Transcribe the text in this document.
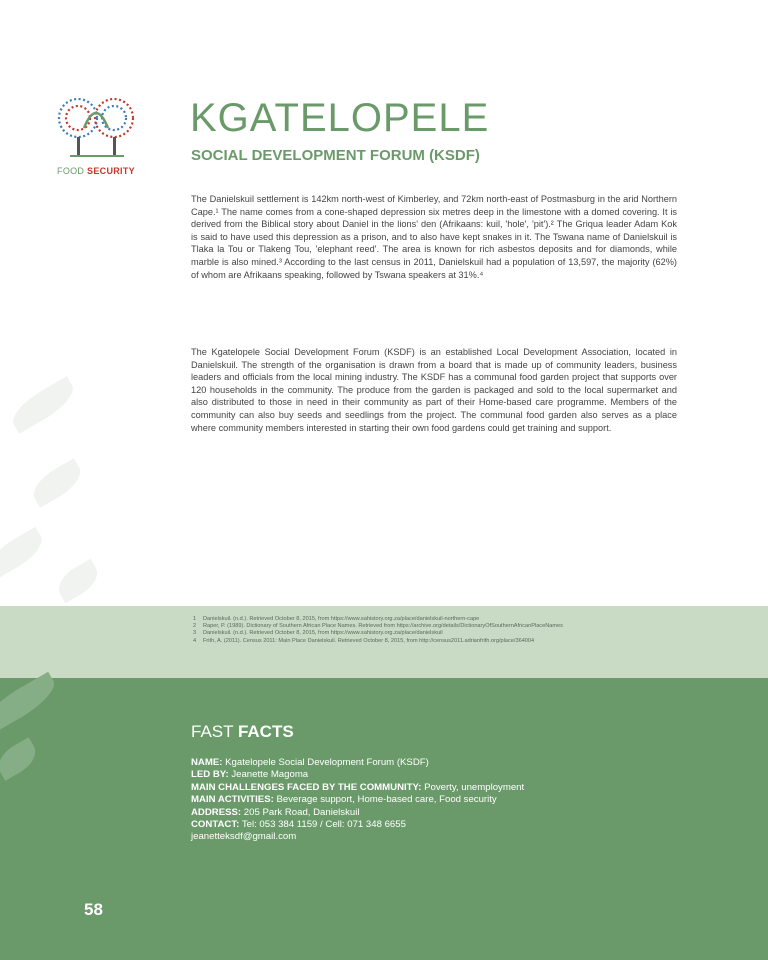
FOOD SECURITY
KGATELOPELE
SOCIAL DEVELOPMENT FORUM (KSDF)
The Danielskuil settlement is 142km north-west of Kimberley, and 72km north-east of Postmasburg in the arid Northern Cape.¹ The name comes from a cone-shaped depression six metres deep in the limestone with a domed covering. It is derived from the Biblical story about Daniel in the lions' den (Afrikaans: kuil, 'hole', 'pit').² The Griqua leader Adam Kok is said to have used this depression as a prison, and to also have kept snakes in it. The Tswana name of Danielskuil is Tlaka la Tou or Tlakeng Tou, 'elephant reed'. The area is known for rich asbestos deposits and for diamonds, while marble is also mined.³ According to the last census in 2011, Danielskuil had a population of 13,597, the majority (62%) of whom are Afrikaans speaking, followed by Tswana speakers at 31%.⁴
The Kgatelopele Social Development Forum (KSDF) is an established Local Development Association, located in Danielskuil. The strength of the organisation is drawn from a board that is made up of community leaders, business leaders and officials from the local mining industry. The KSDF has a communal food garden project that supports over 120 households in the community. The produce from the garden is packaged and sold to the local supermarket and also distributed to those in need in their community as part of their Home-based care programme. Members of the community can also buy seeds and seedlings from the project. The communal food garden also serves as a place where community members interested in starting their own food gardens could get training and support.
1	Danielskuil. (n.d.). Retrieved October 8, 2015, from https://www.sahistory.org.za/place/danielskuil-northern-cape
2	Raper, P. (1989). Dictionary of Southern African Place Names. Retrieved from https://archive.org/details/DictionaryOfSouthernAfricanPlaceNames
3	Danielskuil. (n.d.). Retrieved October 8, 2015, from https://www.sahistory.org.za/place/danielskuil
4	Frith, A. (2011). Census 2011: Main Place Danielskuil. Retrieved October 8, 2015, from http://census2011.adrianfrith.org/place/364004
FAST FACTS
NAME: Kgatelopele Social Development Forum (KSDF)
LED BY: Jeanette Magoma
MAIN CHALLENGES FACED BY THE COMMUNITY: Poverty, unemployment
MAIN ACTIVITIES: Beverage support, Home-based care, Food security
ADDRESS: 205 Park Road, Danielskuil
CONTACT: Tel: 053 384 1159 / Cell: 071 348 6655
jeanetteksdf@gmail.com
58
